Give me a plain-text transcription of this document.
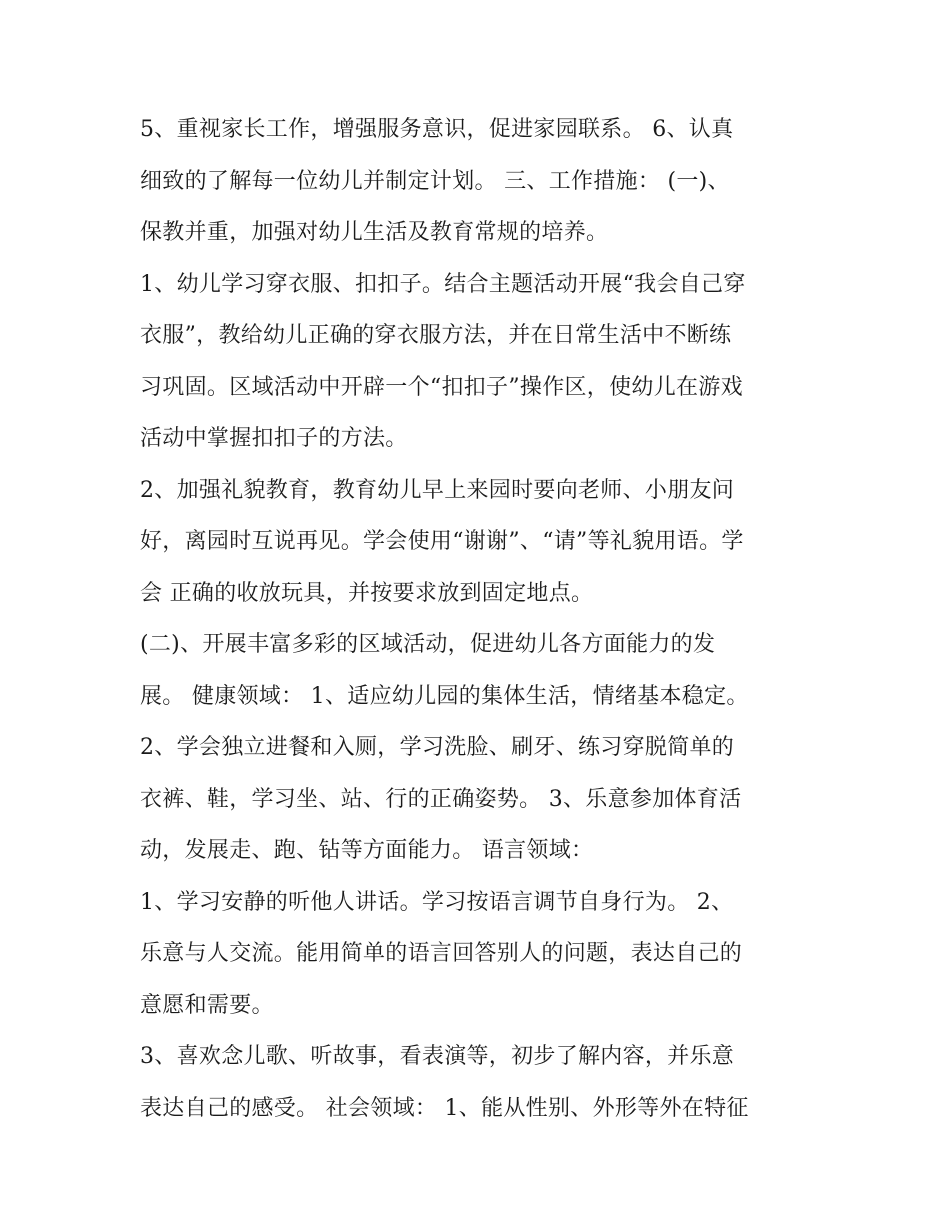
5、重视家长工作，增强服务意识，促进家园联系。 6、认真
细致的了解每一位幼儿并制定计划。 三、工作措施： (一)、
保教并重，加强对幼儿生活及教育常规的培养。

1、幼儿学习穿衣服、扣扣子。结合主题活动开展“我会自己穿
衣服”，教给幼儿正确的穿衣服方法，并在日常生活中不断练
习巩固。区域活动中开辟一个“扣扣子”操作区，使幼儿在游戏
活动中掌握扣扣子的方法。

2、加强礼貌教育，教育幼儿早上来园时要向老师、小朋友问
好，离园时互说再见。学会使用“谢谢”、“请”等礼貌用语。学
会 正确的收放玩具，并按要求放到固定地点。

(二)、开展丰富多彩的区域活动，促进幼儿各方面能力的发
展。 健康领域： 1、适应幼儿园的集体生活，情绪基本稳定。
2、学会独立进餐和入厕，学习洗脸、刷牙、练习穿脱简单的
衣裤、鞋，学习坐、站、行的正确姿势。 3、乐意参加体育活
动，发展走、跑、钻等方面能力。 语言领域：

1、学习安静的听他人讲话。学习按语言调节自身行为。 2、
乐意与人交流。能用简单的语言回答别人的问题，表达自己的
意愿和需要。

3、喜欢念儿歌、听故事，看表演等，初步了解内容，并乐意
表达自己的感受。 社会领域： 1、能从性别、外形等外在特征
